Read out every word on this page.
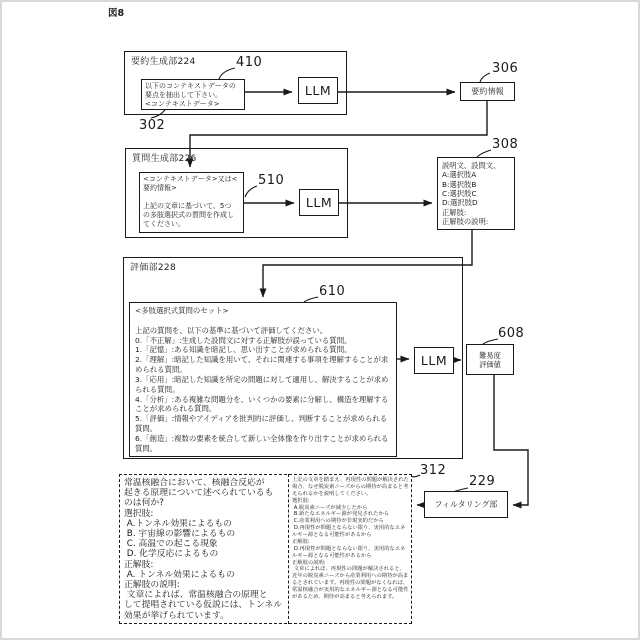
図8
要約生成部224
以下のコンテキストデータの
要点を抽出して下さい。
<コンテキストデータ>
LLM
410
302
要約情報
306
質問生成部226
<コンテキストデータ>又は<
要約情報>

上記の文章に基づいて、5つ
の多肢選択式の質問を作成し
てください。
LLM
510
説明文、設問文、
A:選択肢A
B:選択肢B
C:選択肢C
D:選択肢D
正解肢:
正解肢の説明:
308
評価部228
<多肢選択式質問のセット>

上記の質問を、以下の基準に基づいて評価してください。
0.「不正解」:生成した設問文に対する正解肢が誤っている質問。
1.「記憶」:ある知識を暗記し、思い出すことが求められる質問。
2.「理解」:暗記した知識を用いて、それに関連する事項を理解することが求められる質問。
3.「応用」:暗記した知識を所定の問題に対して適用し、解決することが求められる質問。
4.「分析」:ある複雑な問題分を、いくつかの要素に分解し、構造を理解することが求められる質問。
5.「評価」:情報やアイディアを批判的に評価し、判断することが求められる質問。
6.「創造」:複数の要素を統合して新しい全体像を作り出すことが求められる質問。
610
LLM	難易度
評価値
608
常温核融合において、核融合反応が
起きる原理について述べられているも
のは何か?
選択肢:
A.トンネル効果によるもの
B. 宇宙線の影響によるもの
C. 高温での起こる現象
D. 化学反応によるもの
正解肢:
A. トンネル効果によるもの
正解肢の説明:
文章によれば、常温核融合の原理と
して提唱されている仮説には、トンネル
効果が挙げられています。
上記の文章を踏まえ、再現性の問題が解決された場合、なぜ脱炭素ニーズからの期待が高まると考えられるかを説明してください。
選択肢:
A.脱炭素ニーズが減少したから
B.新たなエネルギー源が発見されたから
C.産業利用への期待が非現実的だから
D.再現性が問題とならない限り、実用的なエネルギー源となる可能性があるから
正解肢:
D.再現性が問題とならない限り、実用的なエネルギー源となる可能性があるから
正解肢の説明:
文章によれば、再現性の問題が解決されると、近年の脱炭素ニーズから産業利用への期待が高まるとされています。再現性の問題がなくなれば、常温核融合が実用的なエネルギー源となる可能性があるため、期待が高まると考えられます。
312
フィルタリング部
229
